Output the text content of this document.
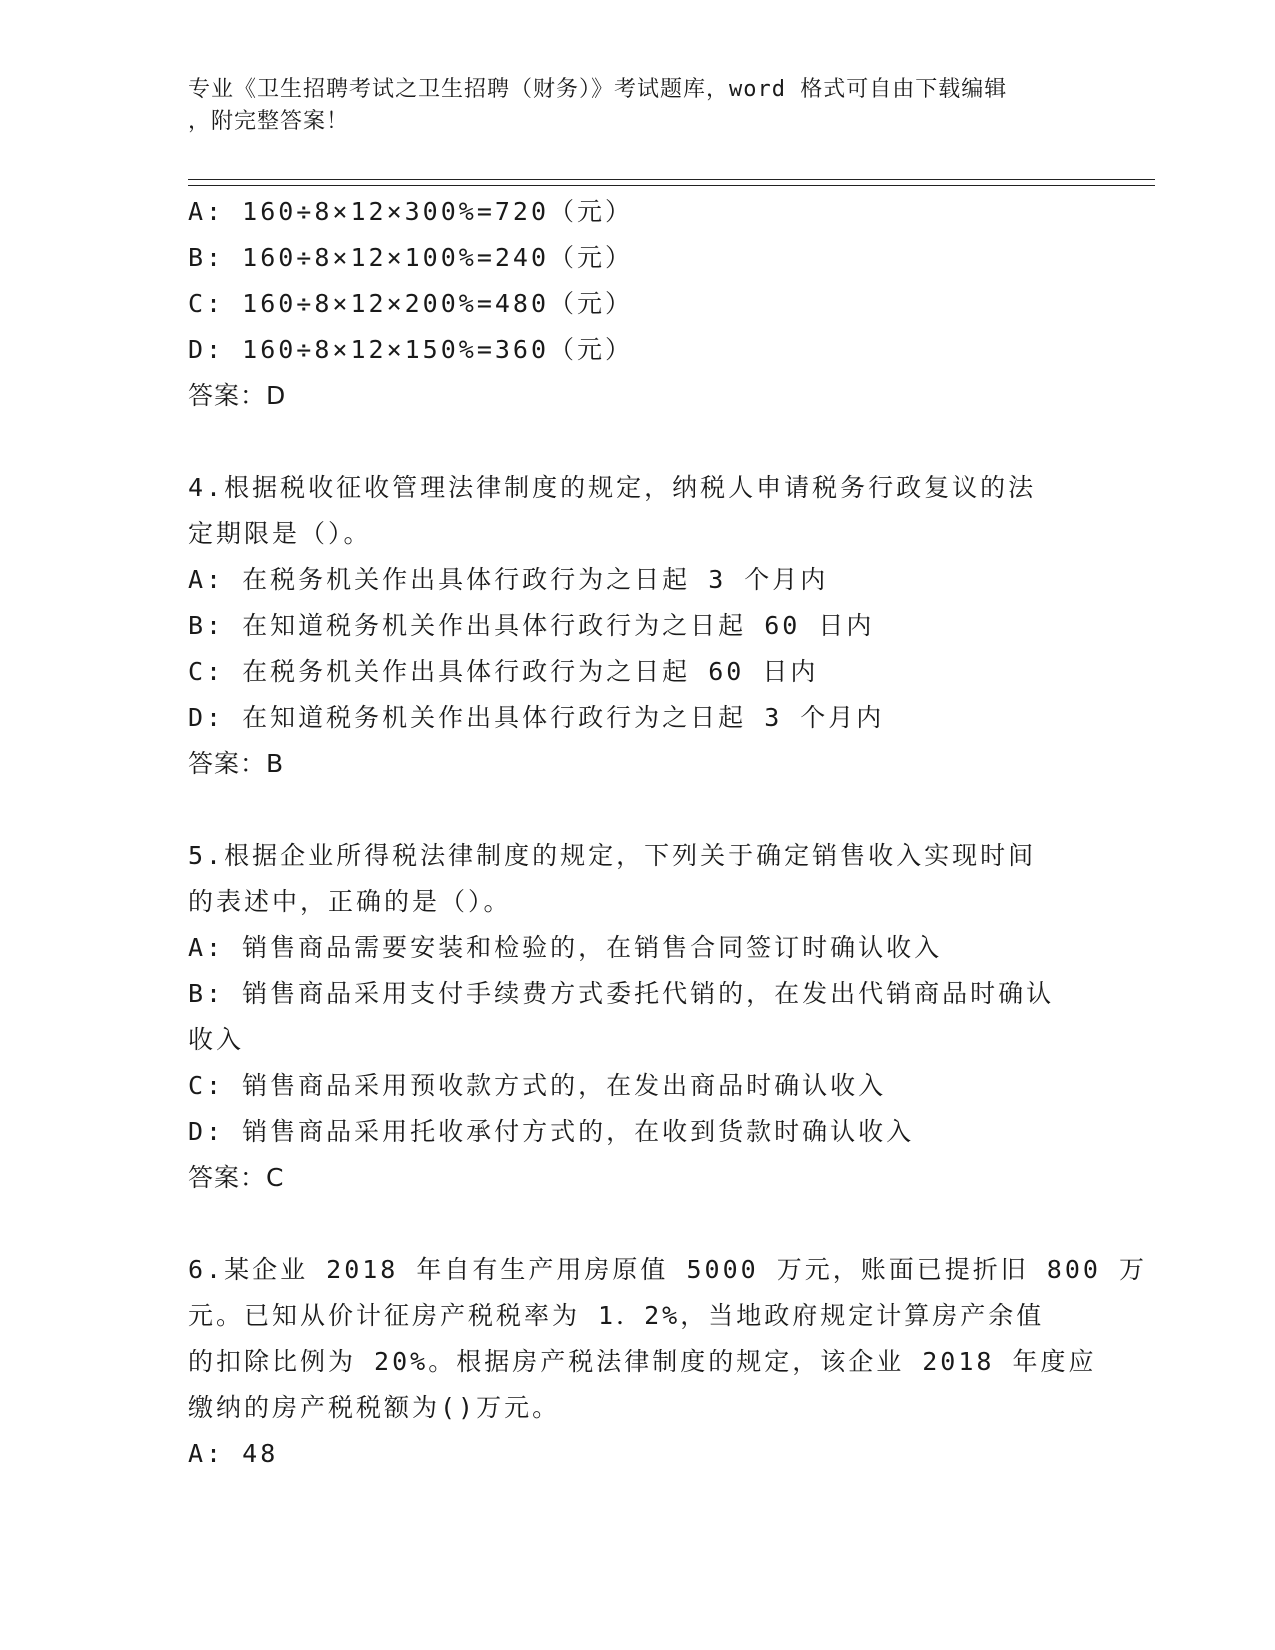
专业《卫生招聘考试之卫生招聘（财务）》考试题库，word 格式可自由下载编辑
，附完整答案！
A: 160÷8×12×300%=720（元）
B: 160÷8×12×100%=240（元）
C: 160÷8×12×200%=480（元）
D: 160÷8×12×150%=360（元）
答案：D
4.根据税收征收管理法律制度的规定，纳税人申请税务行政复议的法
定期限是（）。
A: 在税务机关作出具体行政行为之日起 3 个月内
B: 在知道税务机关作出具体行政行为之日起 60 日内
C: 在税务机关作出具体行政行为之日起 60 日内
D: 在知道税务机关作出具体行政行为之日起 3 个月内
答案：B
5.根据企业所得税法律制度的规定，下列关于确定销售收入实现时间
的表述中，正确的是（）。
A: 销售商品需要安装和检验的，在销售合同签订时确认收入
B: 销售商品采用支付手续费方式委托代销的，在发出代销商品时确认
收入
C: 销售商品采用预收款方式的，在发出商品时确认收入
D: 销售商品采用托收承付方式的，在收到货款时确认收入
答案：C
6.某企业 2018 年自有生产用房原值 5000 万元，账面已提折旧 800 万
元。已知从价计征房产税税率为 1．2%，当地政府规定计算房产余值
的扣除比例为 20%。根据房产税法律制度的规定，该企业 2018 年度应
缴纳的房产税税额为()万元。
A: 48
